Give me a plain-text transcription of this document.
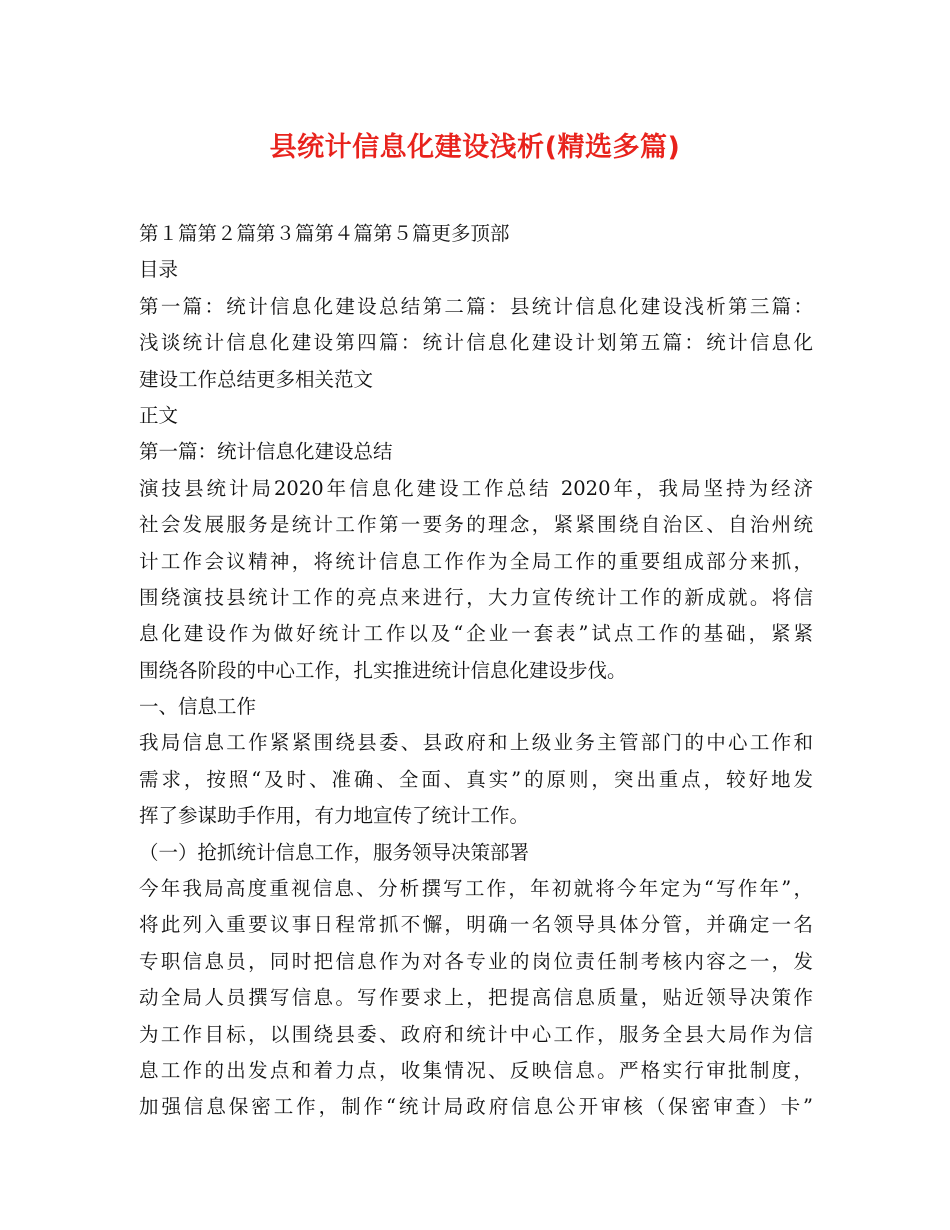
县统计信息化建设浅析(精选多篇)

第１篇第２篇第３篇第４篇第５篇更多顶部

目录

第一篇：统计信息化建设总结第二篇：县统计信息化建设浅析第三篇：

浅谈统计信息化建设第四篇：统计信息化建设计划第五篇：统计信息化

建设工作总结更多相关范文

正文

第一篇：统计信息化建设总结

演技县统计局2020年信息化建设工作总结 2020年，我局坚持为经济

社会发展服务是统计工作第一要务的理念，紧紧围绕自治区、自治州统

计工作会议精神，将统计信息工作作为全局工作的重要组成部分来抓，

围绕演技县统计工作的亮点来进行，大力宣传统计工作的新成就。将信

息化建设作为做好统计工作以及“企业一套表”试点工作的基础，紧紧

围绕各阶段的中心工作，扎实推进统计信息化建设步伐。

一、信息工作

我局信息工作紧紧围绕县委、县政府和上级业务主管部门的中心工作和

需求，按照“及时、准确、全面、真实”的原则，突出重点，较好地发

挥了参谋助手作用，有力地宣传了统计工作。

（一）抢抓统计信息工作，服务领导决策部署

今年我局高度重视信息、分析撰写工作，年初就将今年定为“写作年”，

将此列入重要议事日程常抓不懈，明确一名领导具体分管，并确定一名

专职信息员，同时把信息作为对各专业的岗位责任制考核内容之一，发

动全局人员撰写信息。写作要求上，把提高信息质量，贴近领导决策作

为工作目标，以围绕县委、政府和统计中心工作，服务全县大局作为信

息工作的出发点和着力点，收集情况、反映信息。严格实行审批制度，

加强信息保密工作，制作“统计局政府信息公开审核（保密审查）卡”
